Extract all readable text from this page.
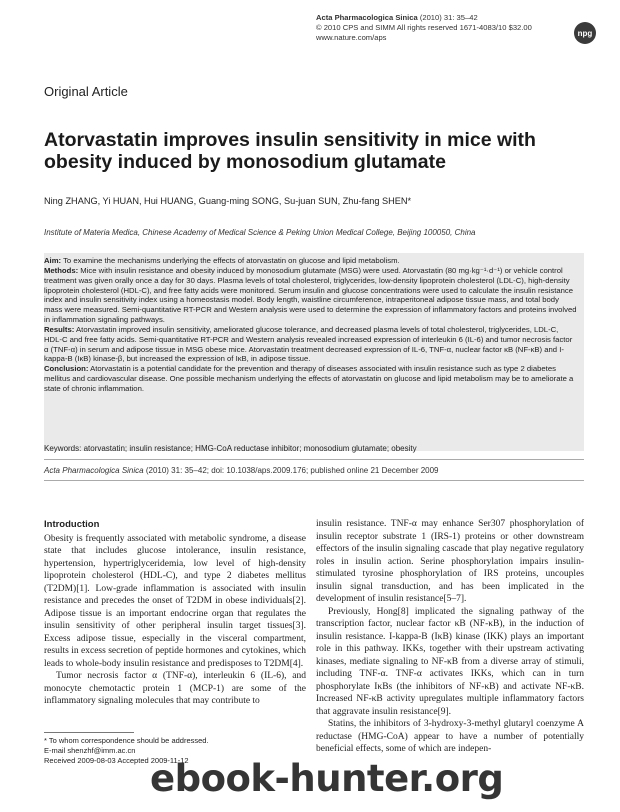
Acta Pharmacologica Sinica (2010) 31: 35–42
© 2010 CPS and SIMM All rights reserved 1671-4083/10 $32.00
www.nature.com/aps
npg
Original Article
Atorvastatin improves insulin sensitivity in mice with obesity induced by monosodium glutamate
Ning ZHANG, Yi HUAN, Hui HUANG, Guang-ming SONG, Su-juan SUN, Zhu-fang SHEN*
Institute of Materia Medica, Chinese Academy of Medical Science & Peking Union Medical College, Beijing 100050, China

Aim: To examine the mechanisms underlying the effects of atorvastatin on glucose and lipid metabolism.

Methods: Mice with insulin resistance and obesity induced by monosodium glutamate (MSG) were used. Atorvastatin (80 mg·kg⁻¹·d⁻¹) or vehicle control treatment was given orally once a day for 30 days. Plasma levels of total cholesterol, triglycerides, low-density lipoprotein cholesterol (LDL-C), high-density lipoprotein cholesterol (HDL-C), and free fatty acids were monitored. Serum insulin and glucose concentrations were used to calculate the insulin resistance index and insulin sensitivity index using a homeostasis model. Body length, waistline circumference, intraperitoneal adipose tissue mass, and total body mass were measured. Semi-quantitative RT-PCR and Western analysis were used to determine the expression of inflammatory factors and proteins involved in inflammation signaling pathways.

Results: Atorvastatin improved insulin sensitivity, ameliorated glucose tolerance, and decreased plasma levels of total cholesterol, triglycerides, LDL-C, HDL-C and free fatty acids. Semi-quantitative RT-PCR and Western analysis revealed increased expression of interleukin 6 (IL-6) and tumor necrosis factor α (TNF-α) in serum and adipose tissue in MSG obese mice. Atorvastatin treatment decreased expression of IL-6, TNF-α, nuclear factor κB (NF-κB) and I-kappa-B (IκB) kinase-β, but increased the expression of IκB, in adipose tissue.

Conclusion: Atorvastatin is a potential candidate for the prevention and therapy of diseases associated with insulin resistance such as type 2 diabetes mellitus and cardiovascular disease. One possible mechanism underlying the effects of atorvastatin on glucose and lipid metabolism may be to ameliorate a state of chronic inflammation.

Keywords: atorvastatin; insulin resistance; HMG-CoA reductase inhibitor; monosodium glutamate; obesity
Acta Pharmacologica Sinica (2010) 31: 35–42; doi: 10.1038/aps.2009.176; published online 21 December 2009
Introduction

Obesity is frequently associated with metabolic syndrome, a disease state that includes glucose intolerance, insulin resistance, hypertension, hypertriglyceridemia, low level of high-density lipoprotein cholesterol (HDL-C), and type 2 diabetes mellitus (T2DM)[1]. Low-grade inflammation is associated with insulin resistance and precedes the onset of T2DM in obese individuals[2]. Adipose tissue is an important endocrine organ that regulates the insulin sensitivity of other peripheral insulin target tissues[3]. Excess adipose tissue, especially in the visceral compartment, results in excess secretion of peptide hormones and cytokines, which leads to whole-body insulin resistance and predisposes to T2DM[4].

Tumor necrosis factor α (TNF-α), interleukin 6 (IL-6), and monocyte chemotactic protein 1 (MCP-1) are some of the inflammatory signaling molecules that may contribute to

insulin resistance. TNF-α may enhance Ser307 phosphorylation of insulin receptor substrate 1 (IRS-1) proteins or other downstream effectors of the insulin signaling cascade that play negative regulatory roles in insulin action. Serine phosphorylation impairs insulin-stimulated tyrosine phosphorylation of IRS proteins, uncouples insulin signal transduction, and has been implicated in the development of insulin resistance[5–7].

Previously, Hong[8] implicated the signaling pathway of the transcription factor, nuclear factor κB (NF-κB), in the induction of insulin resistance. I-kappa-B (IκB) kinase (IKK) plays an important role in this pathway. IKKs, together with their upstream activating kinases, mediate signaling to NF-κB from a diverse array of stimuli, including TNF-α. TNF-α activates IKKs, which can in turn phosphorylate IκBs (the inhibitors of NF-κB) and activate NF-κB. Increased NF-κB activity upregulates multiple inflammatory factors that aggravate insulin resistance[9].

Statins, the inhibitors of 3-hydroxy-3-methyl glutaryl coenzyme A reductase (HMG-CoA) appear to have a number of potentially beneficial effects, some of which are indepen-

* To whom correspondence should be addressed.
E-mail shenzhf@imm.ac.cn
Received 2009-08-03 Accepted 2009-11-12
ebook-hunter.org
